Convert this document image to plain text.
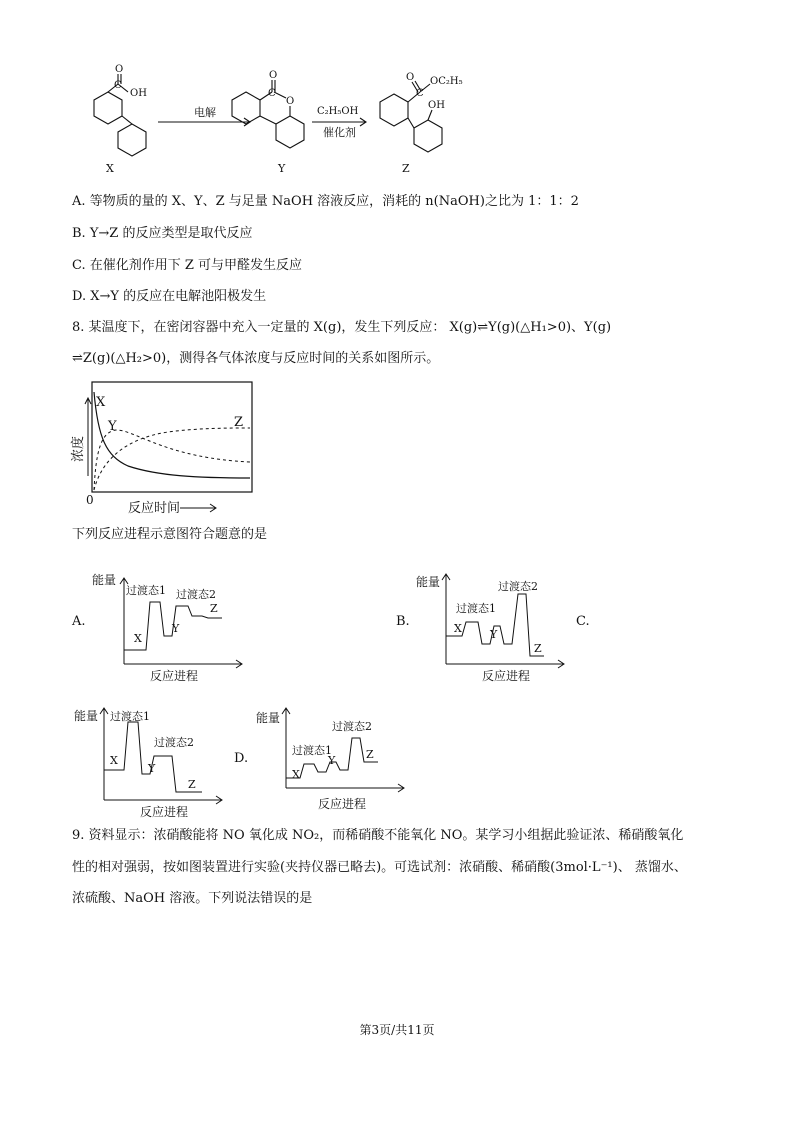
O
C
OH
X
电解
O
C
O
Y
C₂H₅OH
催化剂
O
C
OC₂H₅
OH
Z
A. 等物质的量的 X、Y、Z 与足量 NaOH 溶液反应，消耗的 n(NaOH)之比为 1：1：2
B. Y→Z 的反应类型是取代反应
C. 在催化剂作用下 Z 可与甲醛发生反应
D. X→Y 的反应在电解池阳极发生
8. 某温度下，在密闭容器中充入一定量的 X(g)，发生下列反应： X(g)⇌Y(g)(△H₁>0)、Y(g)
⇌Z(g)(△H₂>0)，测得各气体浓度与反应时间的关系如图所示。
浓度
0
反应时间
X
Y	Z
下列反应进程示意图符合题意的是
A.
能量
反应进程
过渡态1 过渡态2
X
Y
Z
B.
能量
反应进程
过渡态1
过渡态2
X	Y
Z
C.
能量
反应进程
过渡态1
过渡态2
X
Y
Z
D.
能量
反应进程
过渡态1
过渡态2
X
Y	Z
9. 资料显示：浓硝酸能将 NO 氧化成 NO₂，而稀硝酸不能氧化 NO。某学习小组据此验证浓、稀硝酸氧化
性的相对强弱，按如图装置进行实验(夹持仪器已略去)。可选试剂：浓硝酸、稀硝酸(3mol·L⁻¹)、 蒸馏水、
浓硫酸、NaOH 溶液。下列说法错误的是
第3页/共11页
